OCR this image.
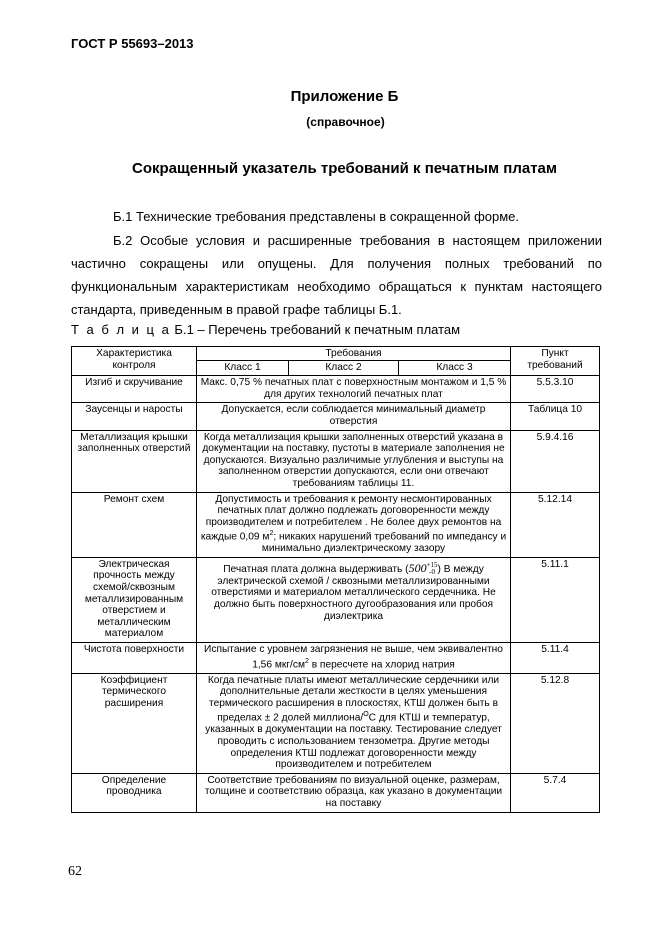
ГОСТ Р 55693–2013
Приложение Б
(справочное)
Сокращенный указатель требований к печатным платам
Б.1 Технические требования представлены в сокращенной форме.
Б.2 Особые условия и расширенные требования в настоящем приложении частично сокращены или опущены. Для получения полных требований по функциональным характеристикам необходимо обращаться к пунктам настоящего стандарта, приведенным в правой графе таблицы Б.1.
Т а б л и ц а Б.1 – Перечень требований к печатным платам
Характеристика контроля	Требования			Пункт требований
	Класс 1	Класс 2	Класс 3	
Изгиб и скручивание	Макс. 0,75 % печатных плат с поверхностным монтажом и 1,5 % для других технологий печатных плат			5.5.3.10
Заусенцы и наросты	Допускается, если соблюдается минимальный диаметр отверстия			Таблица 10
Металлизация крышки заполненных отверстий	Когда металлизация крышки заполненных отверстий указана в документации на поставку, пустоты в материале заполнения не допускаются. Визуально различимые углубления и выступы на заполненном отверстии допускаются, если они отвечают требованиям таблицы 11.			5.9.4.16
Ремонт схем	Допустимость и требования к ремонту несмонтированных печатных плат должно подлежать договоренности между производителем и потребителем . Не более двух ремонтов на каждые 0,09 $м^2$; никаких нарушений требований по импедансу и минимально диэлектрическому зазору			5.12.14
Электрическая прочность между схемой/сквозным металлизированным отверстием и металлическим материалом	Печатная плата должна выдерживать (500 +15
-0 ) В между электрической схемой / сквозными металлизированными отверстиями и материалом металлического сердечника. Не должно быть поверхностного дугообразования или пробоя диэлектрика			5.11.1
Чистота поверхности	Испытание с уровнем загрязнения не выше, чем эквивалентно 1,56 мкг/$см^2$ в пересчете на хлорид натрия			5.11.4
Коэффициент термического расширения	Когда печатные платы имеют металлические сердечники или дополнительные детали жесткости в целях уменьшения термического расширения в плоскостях, КТШ должен быть в пределах ± 2 долей миллиона/$^O$C для КТШ и температур, указанных в документации на поставку. Тестирование следует проводить с использованием тензометра. Другие методы определения КТШ подлежат договоренности между производителем и потребителем			5.12.8
Определение проводника	Соответствие требованиям по визуальной оценке, размерам, толщине и соответствию образца, как указано в документации на поставку			5.7.4
62
